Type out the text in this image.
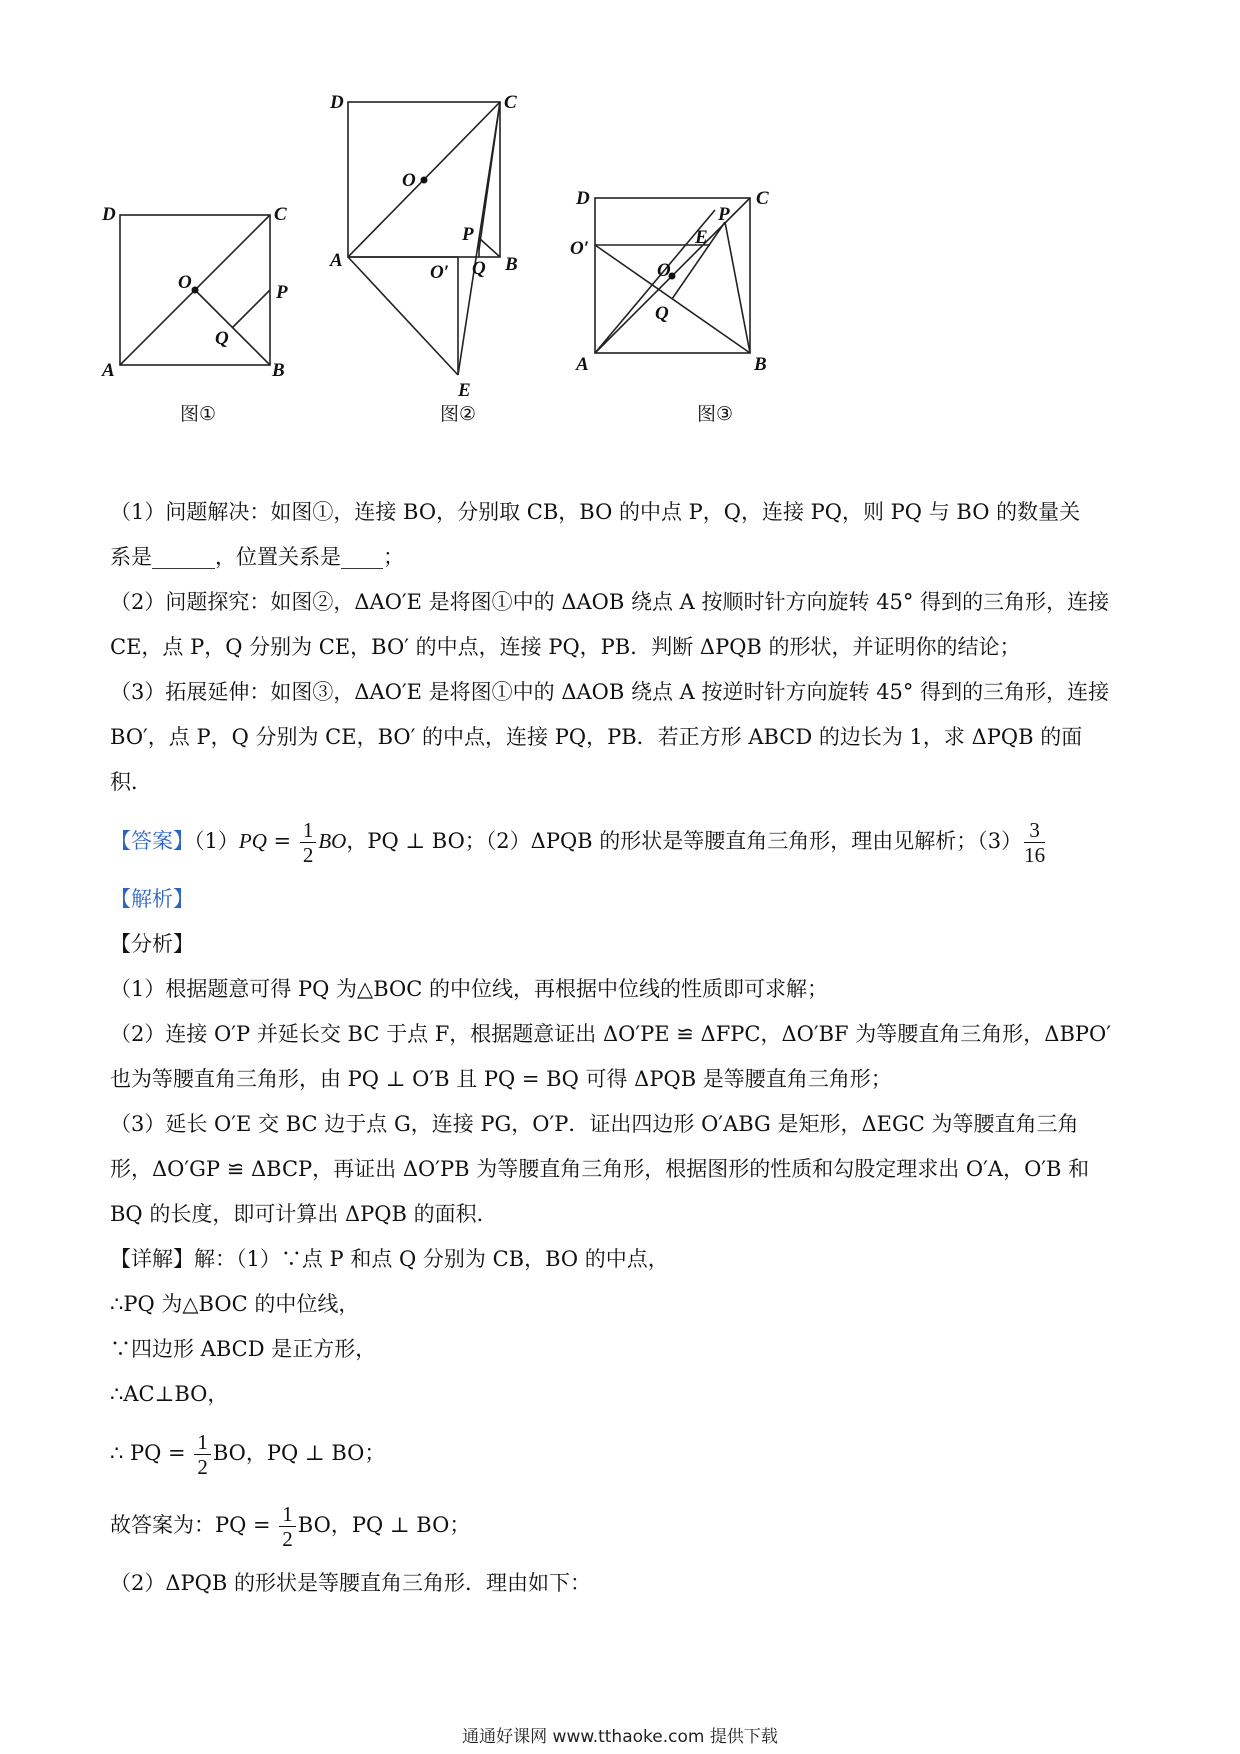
D	C
A	B
O	P
Q
图①
D	C
A	B
O
P
Q
O′
E
图②
D	C
A	B
O
P
Q
O′
E
图③
（1）问题解决：如图①，连接 BO，分别取 CB，BO 的中点 P，Q，连接 PQ，则 PQ 与 BO 的数量关
系是______，位置关系是____；
（2）问题探究：如图②，ΔAO′E 是将图①中的 ΔAOB 绕点 A 按顺时针方向旋转 45° 得到的三角形，连接
CE，点 P，Q 分别为 CE，BO′ 的中点，连接 PQ，PB．判断 ΔPQB 的形状，并证明你的结论；
（3）拓展延伸：如图③，ΔAO′E 是将图①中的 ΔAOB 绕点 A 按逆时针方向旋转 45° 得到的三角形，连接
BO′，点 P，Q 分别为 CE，BO′ 的中点，连接 PQ，PB．若正方形 ABCD 的边长为 1，求 ΔPQB 的面
积．
【答案】$(1)PQ = \frac{1}{2}$ BO，PQ ⊥ BO；（2）ΔPQB 的形状是等腰直角三角形，理由见解析；$(3) \frac{3}{16}$
【解析】
【分析】
（1）根据题意可得 PQ 为△BOC 的中位线，再根据中位线的性质即可求解；
（2）连接 O′P 并延长交 BC 于点 F，根据题意证出 ΔO′PE ≌ ΔFPC，ΔO′BF 为等腰直角三角形，ΔBPO′
也为等腰直角三角形，由 PQ ⊥ O′B 且 PQ = BQ 可得 ΔPQB 是等腰直角三角形；
（3）延长 O′E 交 BC 边于点 G，连接 PG，O′P．证出四边形 O′ABG 是矩形，ΔEGC 为等腰直角三角
形，ΔO′GP ≌ ΔBCP，再证出 ΔO′PB 为等腰直角三角形，根据图形的性质和勾股定理求出 O′A，O′B 和
BQ 的长度，即可计算出 ΔPQB 的面积．
【详解】解：（1）∵点 P 和点 Q 分别为 CB，BO 的中点，
∴PQ 为△BOC 的中位线，
∵四边形 ABCD 是正方形，
∴AC⊥BO，
∴ PQ = $\frac{1}{2}$ BO，PQ ⊥ BO；
故答案为：PQ = $\frac{1}{2}$ BO，PQ ⊥ BO；
（2）ΔPQB 的形状是等腰直角三角形．理由如下：
通通好课网 www.tthaoke.com 提供下载
